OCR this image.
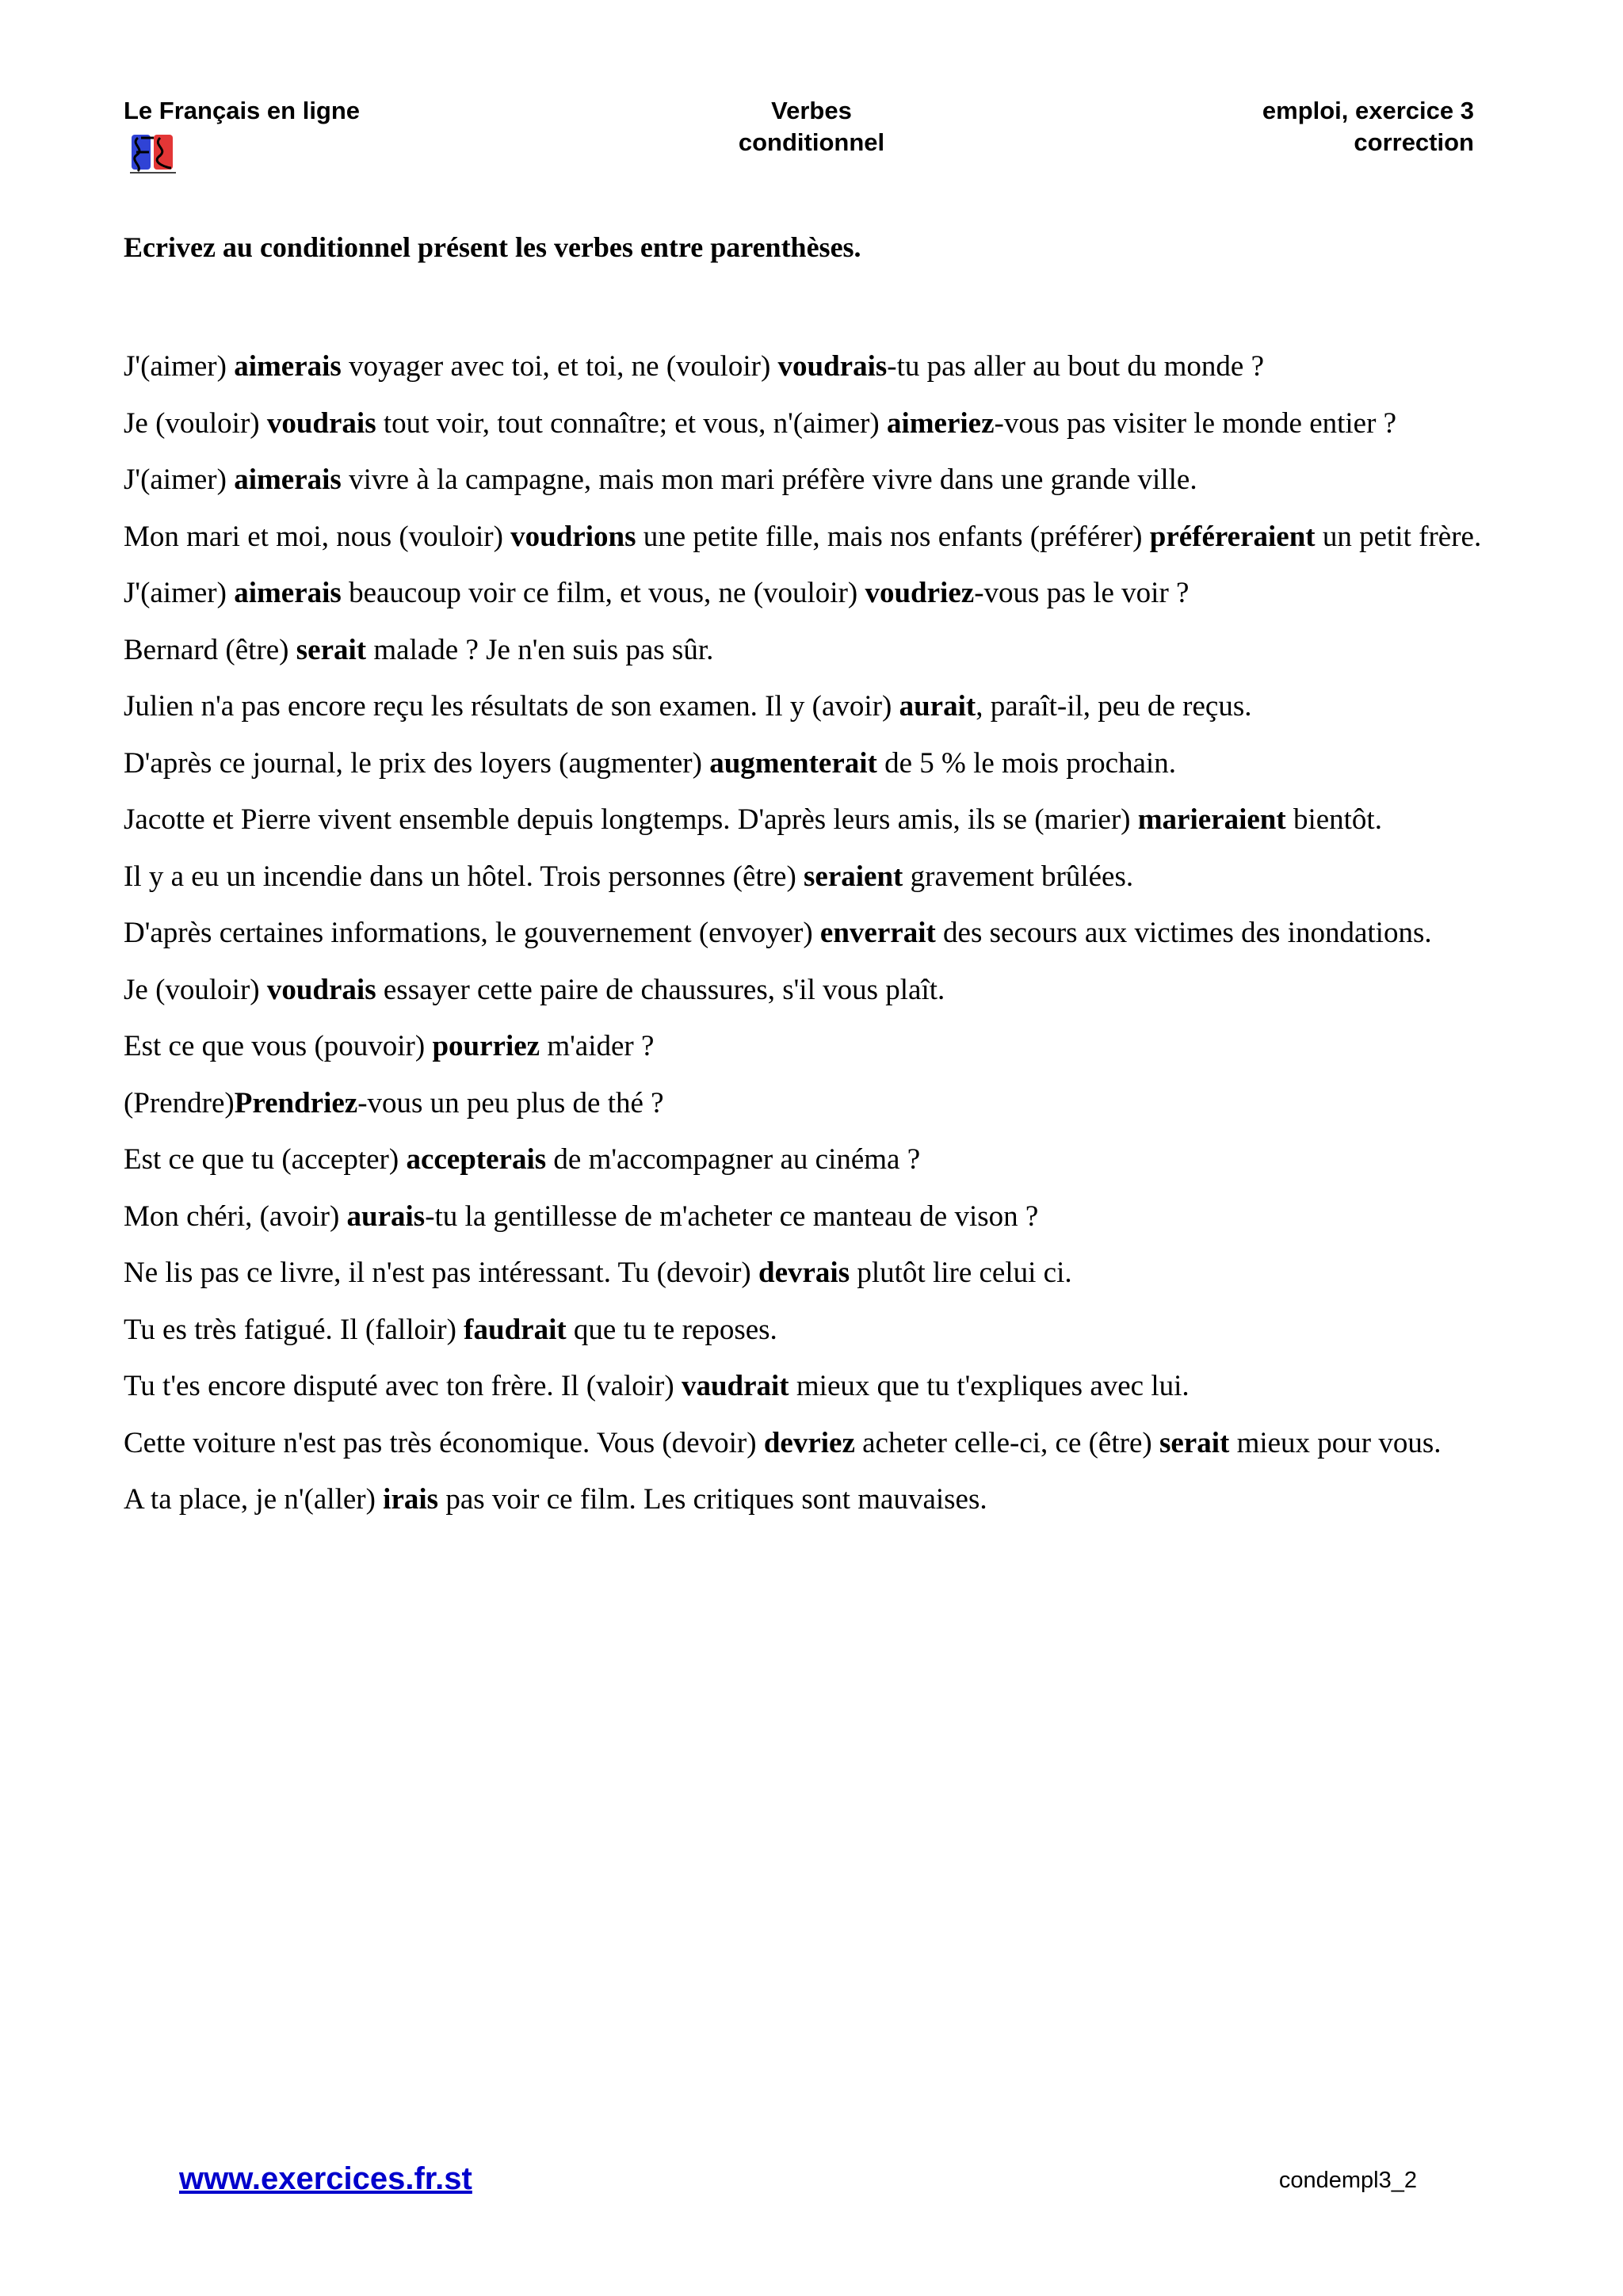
Le Français en ligne	Verbes
conditionnel
emploi, exercice 3
correction
Ecrivez au conditionnel présent les verbes entre parenthèses.

J'(aimer) aimerais voyager avec toi, et toi, ne (vouloir) voudrais-tu pas aller au bout du monde ?

Je (vouloir) voudrais tout voir, tout connaître; et vous, n'(aimer) aimeriez-vous pas visiter le monde entier ?

J'(aimer) aimerais vivre à la campagne, mais mon mari préfère vivre dans une grande ville.

Mon mari et moi, nous (vouloir) voudrions une petite fille, mais nos enfants (préférer) préféreraient un petit frère.

J'(aimer) aimerais beaucoup voir ce film, et vous, ne (vouloir) voudriez-vous pas le voir ?

Bernard (être) serait malade ? Je n'en suis pas sûr.

Julien n'a pas encore reçu les résultats de son examen. Il y (avoir) aurait, paraît-il, peu de reçus.

D'après ce journal, le prix des loyers (augmenter) augmenterait de 5 % le mois prochain.

Jacotte et Pierre vivent ensemble depuis longtemps. D'après leurs amis, ils se (marier) marieraient bientôt.

Il y a eu un incendie dans un hôtel. Trois personnes (être) seraient gravement brûlées.

D'après certaines informations, le gouvernement (envoyer) enverrait des secours aux victimes des inondations.

Je (vouloir) voudrais essayer cette paire de chaussures, s'il vous plaît.

Est ce que vous (pouvoir) pourriez m'aider ?

(Prendre)Prendriez-vous un peu plus de thé ?

Est ce que tu (accepter) accepterais de m'accompagner au cinéma ?

Mon chéri, (avoir) aurais-tu la gentillesse de m'acheter ce manteau de vison ?

Ne lis pas ce livre, il n'est pas intéressant. Tu (devoir) devrais plutôt lire celui ci.

Tu es très fatigué. Il (falloir) faudrait que tu te reposes.

Tu t'es encore disputé avec ton frère. Il (valoir) vaudrait mieux que tu t'expliques avec lui.

Cette voiture n'est pas très économique. Vous (devoir) devriez acheter celle-ci, ce (être) serait mieux pour vous.

A ta place, je n'(aller) irais pas voir ce film. Les critiques sont mauvaises.

www.exercices.fr.st	condempl3_2
